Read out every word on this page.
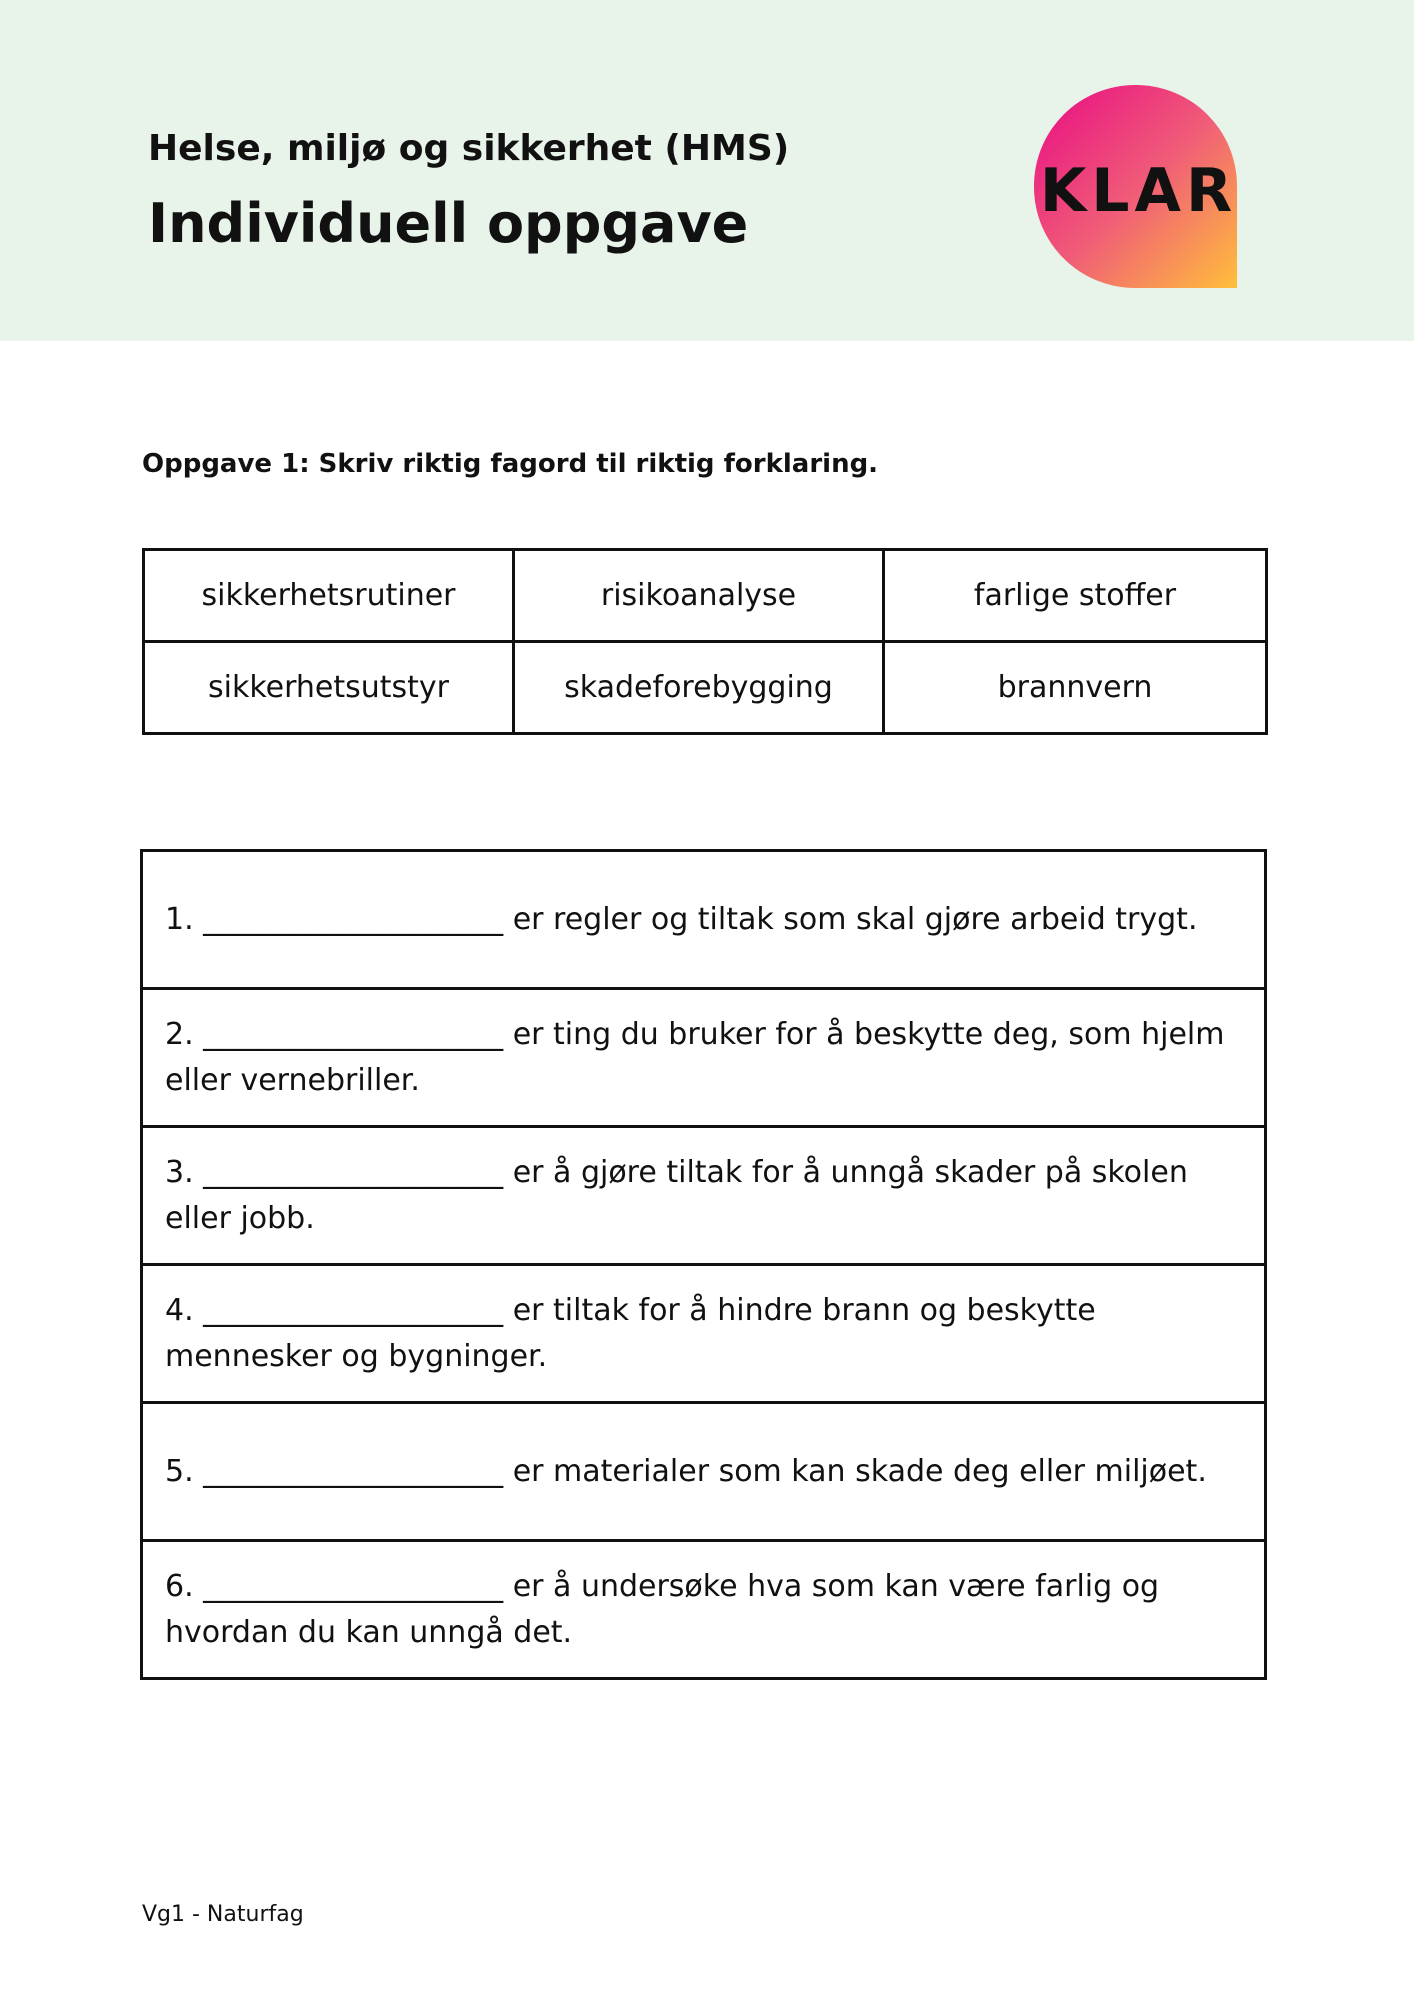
Helse, miljø og sikkerhet (HMS)
Individuell oppgave	KLAR
Oppgave 1: Skriv riktig fagord til riktig forklaring.
sikkerhetsrutiner	risikoanalyse	farlige stoffer
sikkerhetsutstyr	skadeforebygging	brannvern
1. ____________________ er regler og tiltak som skal gjøre arbeid trygt.
2. ____________________ er ting du bruker for å beskytte deg, som hjelm eller vernebriller.
3. ____________________ er å gjøre tiltak for å unngå skader på skolen eller jobb.
4. ____________________ er tiltak for å hindre brann og beskytte mennesker og bygninger.
5. ____________________ er materialer som kan skade deg eller miljøet.
6. ____________________ er å undersøke hva som kan være farlig og hvordan du kan unngå det.
Vg1 - Naturfag
